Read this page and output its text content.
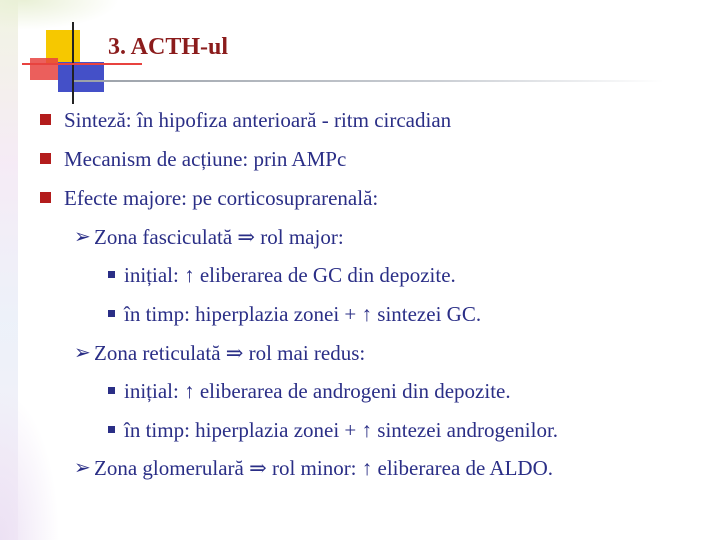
3. ACTH-ul
Sinteză: în hipofiza anterioară - ritm circadian
Mecanism de acțiune: prin AMPc
Efecte majore: pe corticosuprarenală:
➢ Zona fasciculată ⇒ rol major:
inițial: ↑ eliberarea de GC din depozite.
în timp: hiperplazia zonei + ↑ sintezei GC.
➢ Zona reticulată ⇒ rol mai redus:
inițial: ↑ eliberarea de androgeni din depozite.
în timp: hiperplazia zonei + ↑ sintezei androgenilor.
➢ Zona glomerulară ⇒ rol minor: ↑ eliberarea de ALDO.
